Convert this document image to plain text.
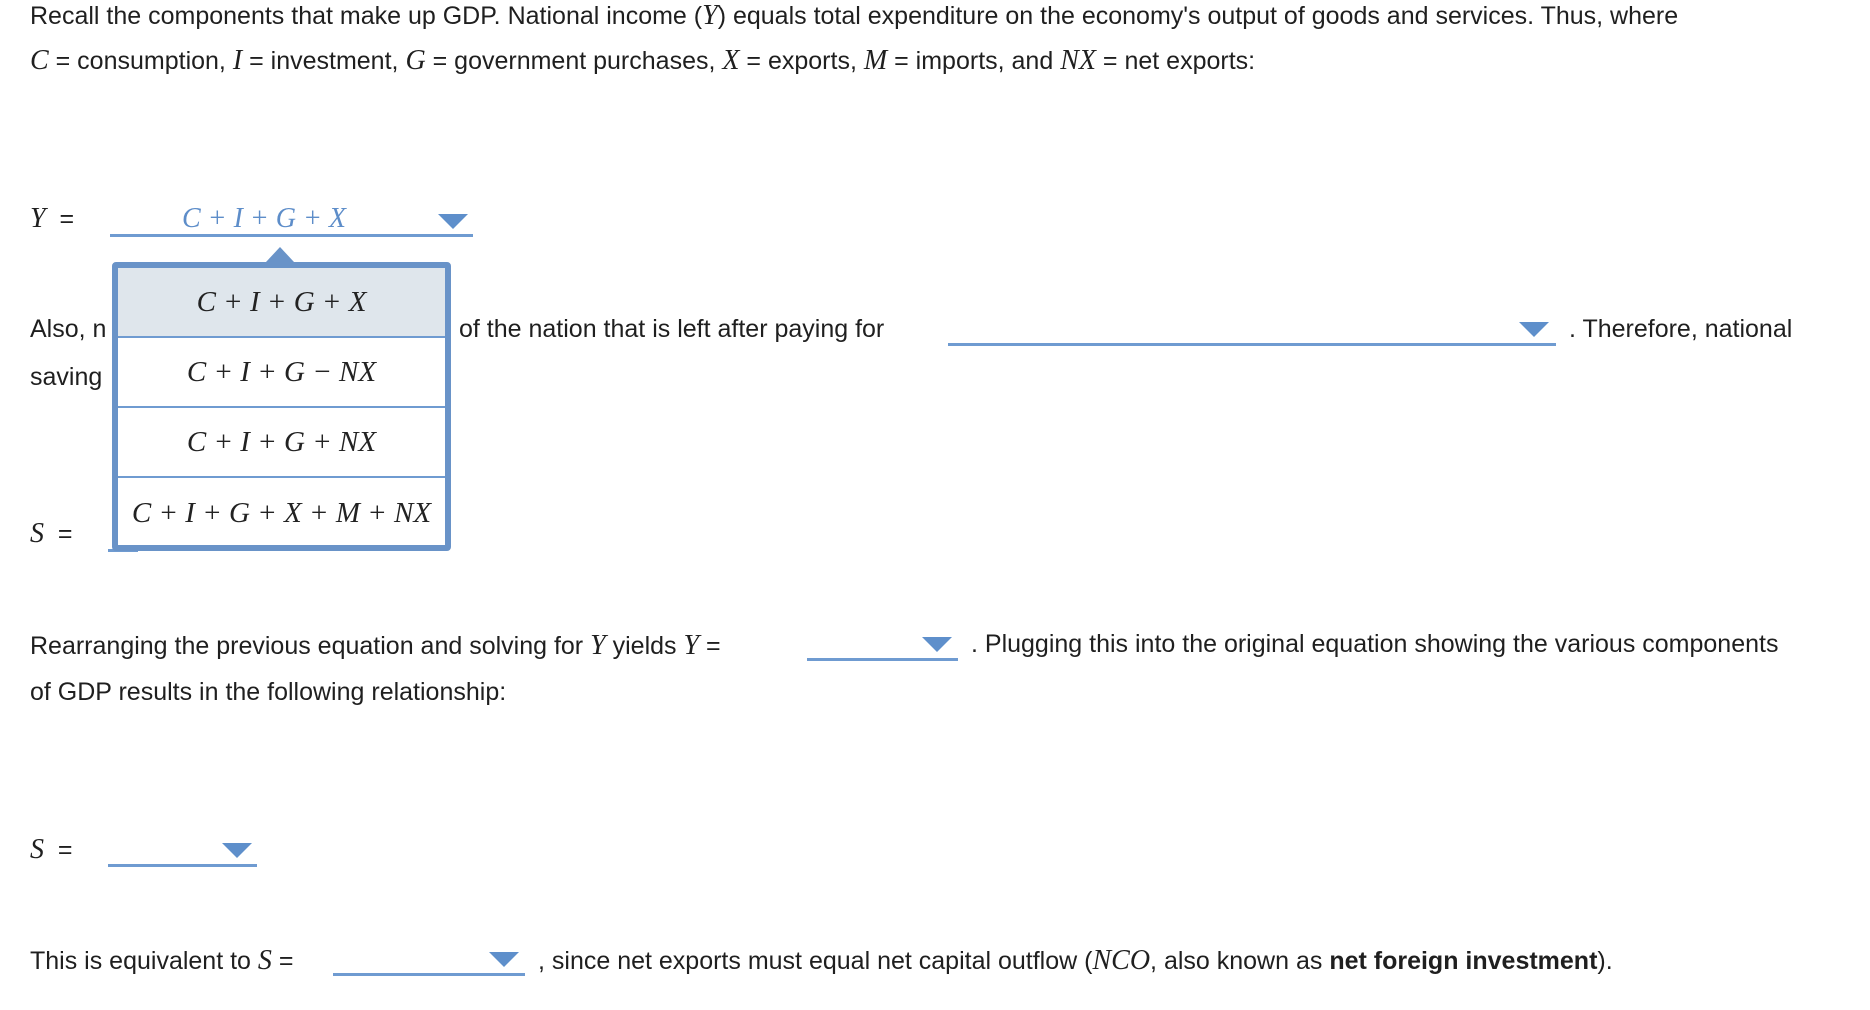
Recall the components that make up GDP. National income (Y) equals total expenditure on the economy's output of goods and services. Thus, where
C = consumption, I = investment, G = government purchases, X = exports, M = imports, and NX = net exports:
Y =	C + I + G + X
Also, n	of the nation that is left after paying for	. Therefore, national
saving
S =
C + I + G + X
C + I + G − NX
C + I + G + NX
C + I + G + X + M + NX
Rearranging the previous equation and solving for Y yields Y =	. Plugging this into the original equation showing the various components
of GDP results in the following relationship:
S =
This is equivalent to S =	, since net exports must equal net capital outflow (NCO, also known as net foreign investment).
